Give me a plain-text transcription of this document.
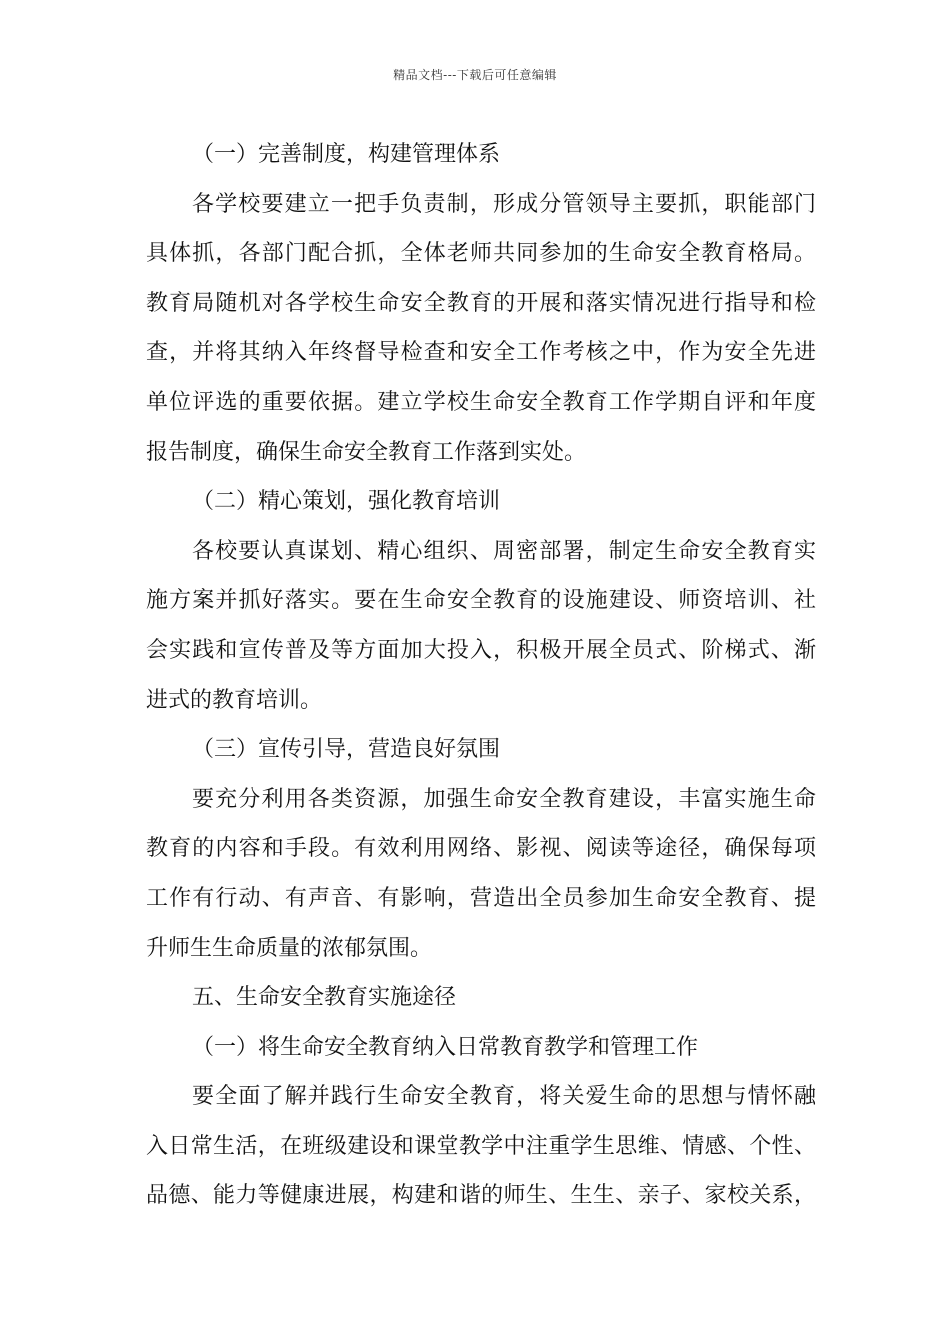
精品文档---下载后可任意编辑
（一）完善制度，构建管理体系
各学校要建立一把手负责制，形成分管领导主要抓，职能部门
具体抓，各部门配合抓，全体老师共同参加的生命安全教育格局。
教育局随机对各学校生命安全教育的开展和落实情况进行指导和检
查，并将其纳入年终督导检查和安全工作考核之中，作为安全先进
单位评选的重要依据。建立学校生命安全教育工作学期自评和年度
报告制度，确保生命安全教育工作落到实处。
（二）精心策划，强化教育培训
各校要认真谋划、精心组织、周密部署，制定生命安全教育实
施方案并抓好落实。要在生命安全教育的设施建设、师资培训、社
会实践和宣传普及等方面加大投入，积极开展全员式、阶梯式、渐
进式的教育培训。
（三）宣传引导，营造良好氛围
要充分利用各类资源，加强生命安全教育建设，丰富实施生命
教育的内容和手段。有效利用网络、影视、阅读等途径，确保每项
工作有行动、有声音、有影响，营造出全员参加生命安全教育、提
升师生生命质量的浓郁氛围。
五、生命安全教育实施途径
（一）将生命安全教育纳入日常教育教学和管理工作
要全面了解并践行生命安全教育，将关爱生命的思想与情怀融
入日常生活，在班级建设和课堂教学中注重学生思维、情感、个性、
品德、能力等健康进展，构建和谐的师生、生生、亲子、家校关系，
